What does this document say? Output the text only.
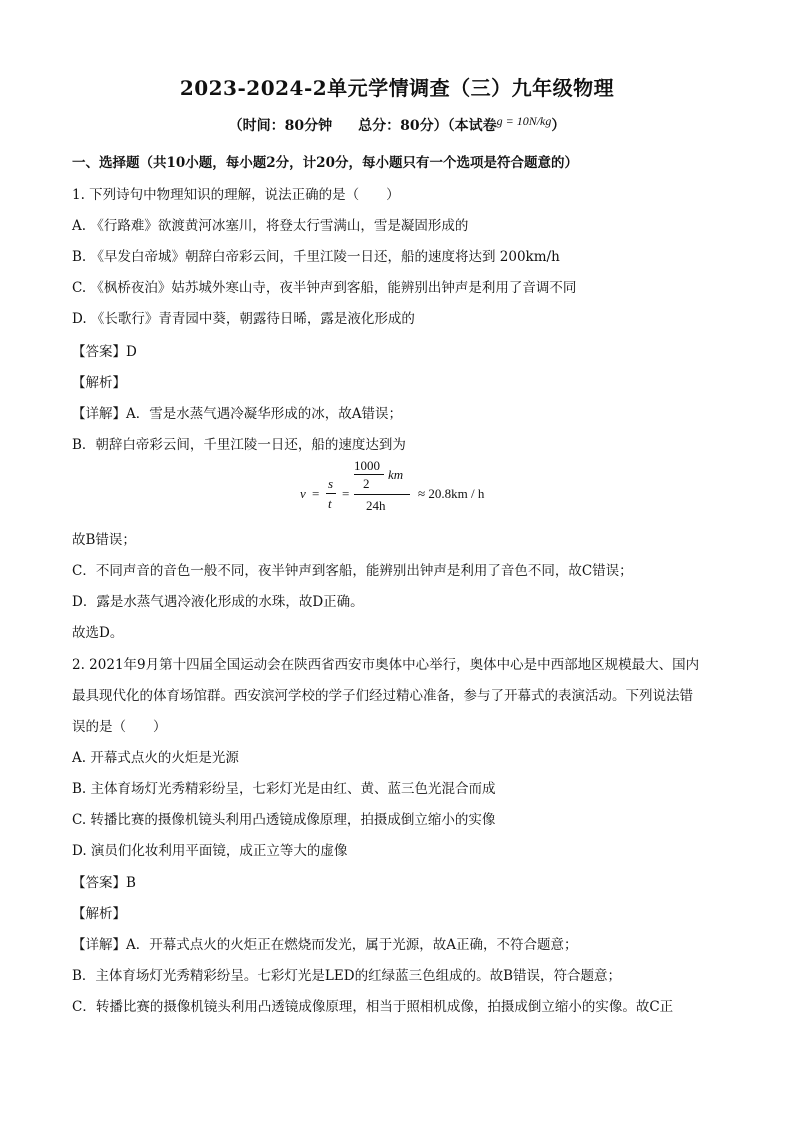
2023-2024-2单元学情调查（三）九年级物理
（时间：80分钟 总分：80分）（本试卷g = 10N/kg）
一、选择题（共10小题，每小题2分，计20分，每小题只有一个选项是符合题意的）
1. 下列诗句中物理知识的理解，说法正确的是（　　）
A. 《行路难》欲渡黄河冰塞川，将登太行雪满山，雪是凝固形成的
B. 《早发白帝城》朝辞白帝彩云间，千里江陵一日还，船的速度将达到 200km/h
C. 《枫桥夜泊》姑苏城外寒山寺，夜半钟声到客船，能辨别出钟声是利用了音调不同
D. 《长歌行》青青园中葵，朝露待日晞，露是液化形成的
【答案】D
【解析】
【详解】A．雪是水蒸气遇冷凝华形成的冰，故A错误；
B．朝辞白帝彩云间，千里江陵一日还，船的速度达到为
v =
s
t
=
1000
2
km
24h
≈ 20.8km / h
故B错误；
C．不同声音的音色一般不同，夜半钟声到客船，能辨别出钟声是利用了音色不同，故C错误；
D．露是水蒸气遇冷液化形成的水珠，故D正确。
故选D。
2. 2021年9月第十四届全国运动会在陕西省西安市奥体中心举行，奥体中心是中西部地区规模最大、国内
最具现代化的体育场馆群。西安滨河学校的学子们经过精心准备，参与了开幕式的表演活动。下列说法错
误的是（　　）
A. 开幕式点火的火炬是光源
B. 主体育场灯光秀精彩纷呈，七彩灯光是由红、黄、蓝三色光混合而成
C. 转播比赛的摄像机镜头利用凸透镜成像原理，拍摄成倒立缩小的实像
D. 演员们化妆利用平面镜，成正立等大的虚像
【答案】B
【解析】
【详解】A．开幕式点火的火炬正在燃烧而发光，属于光源，故A正确，不符合题意；
B．主体育场灯光秀精彩纷呈。七彩灯光是LED的红绿蓝三色组成的。故B错误，符合题意；
C．转播比赛的摄像机镜头利用凸透镜成像原理，相当于照相机成像，拍摄成倒立缩小的实像。故C正
